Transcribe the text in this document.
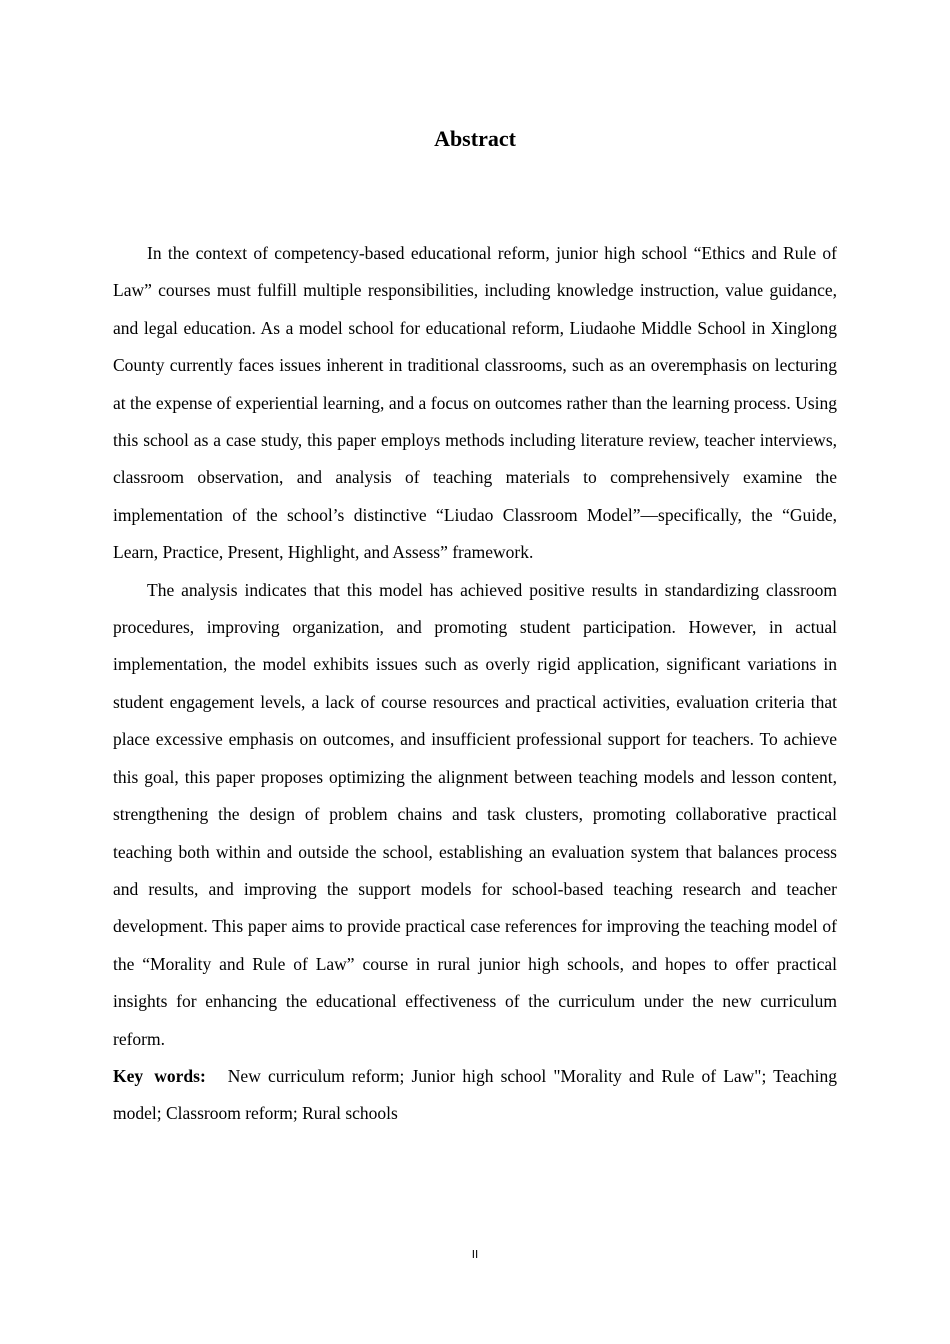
Abstract

In the context of competency-based educational reform, junior high school “Ethics and Rule of Law” courses must fulfill multiple responsibilities, including knowledge instruction, value guidance, and legal education. As a model school for educational reform, Liudaohe Middle School in Xinglong County currently faces issues inherent in traditional classrooms, such as an overemphasis on lecturing at the expense of experiential learning, and a focus on outcomes rather than the learning process. Using this school as a case study, this paper employs methods including literature review, teacher interviews, classroom observation, and analysis of teaching materials to comprehensively examine the implementation of the school’s distinctive “Liudao Classroom Model”—specifically, the “Guide, Learn, Practice, Present, Highlight, and Assess” framework.

The analysis indicates that this model has achieved positive results in standardizing classroom procedures, improving organization, and promoting student participation. However, in actual implementation, the model exhibits issues such as overly rigid application, significant variations in student engagement levels, a lack of course resources and practical activities, evaluation criteria that place excessive emphasis on outcomes, and insufficient professional support for teachers. To achieve this goal, this paper proposes optimizing the alignment between teaching models and lesson content, strengthening the design of problem chains and task clusters, promoting collaborative practical teaching both within and outside the school, establishing an evaluation system that balances process and results, and improving the support models for school-based teaching research and teacher development. This paper aims to provide practical case references for improving the teaching model of the “Morality and Rule of Law” course in rural junior high schools, and hopes to offer practical insights for enhancing the educational effectiveness of the curriculum under the new curriculum reform.

Key words: New curriculum reform; Junior high school "Morality and Rule of Law"; Teaching model; Classroom reform; Rural schools

II
